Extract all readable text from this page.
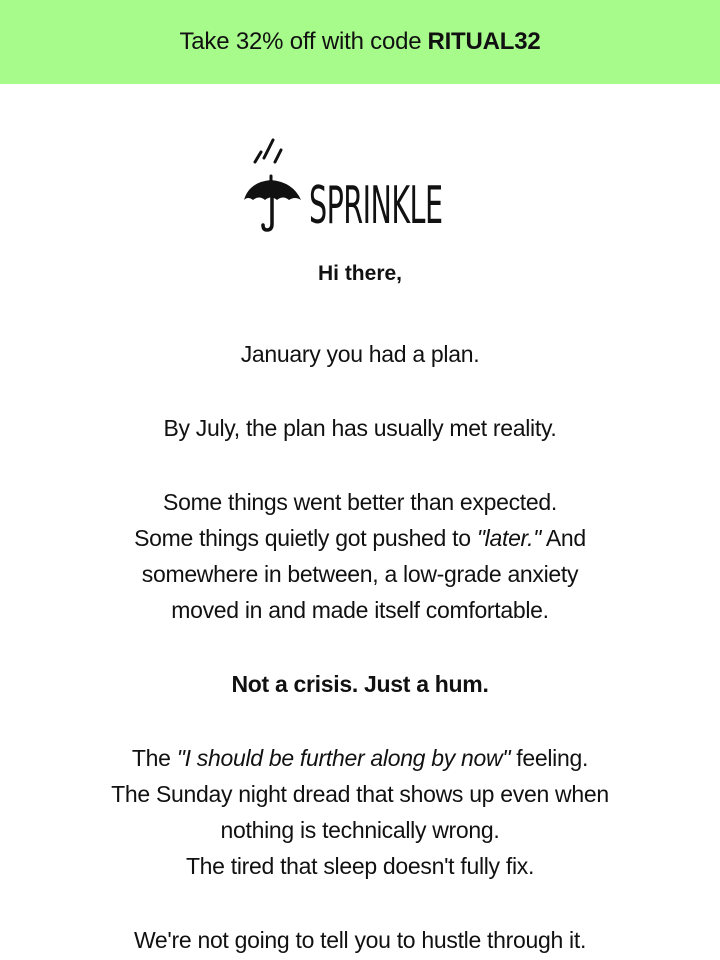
Take 32% off with code RITUAL32
SPRINKLE
Hi there,

January you had a plan.

By July, the plan has usually met reality.

Some things went better than expected.

Some things quietly got pushed to "later." And

somewhere in between, a low-grade anxiety

moved in and made itself comfortable.

Not a crisis. Just a hum.

The "I should be further along by now" feeling.

The Sunday night dread that shows up even when

nothing is technically wrong.

The tired that sleep doesn't fully fix.

We're not going to tell you to hustle through it.
